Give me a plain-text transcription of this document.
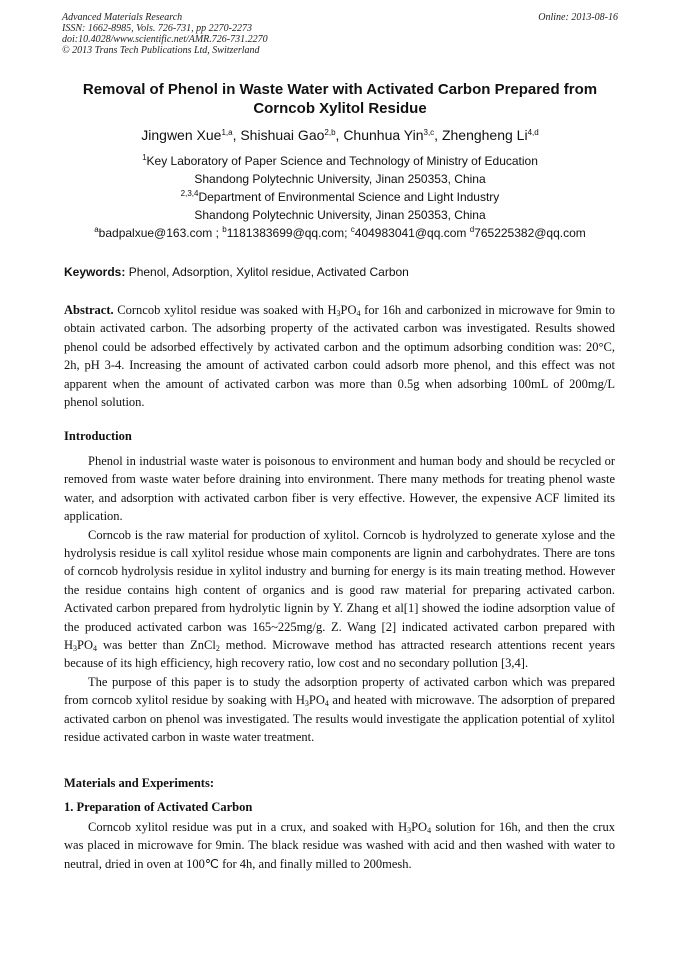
Advanced Materials Research
ISSN: 1662-8985, Vols. 726-731, pp 2270-2273
doi:10.4028/www.scientific.net/AMR.726-731.2270
© 2013 Trans Tech Publications Ltd, Switzerland
Online: 2013-08-16
Removal of Phenol in Waste Water with Activated Carbon Prepared from
Corncob Xylitol Residue
Jingwen Xue$^{1,a}$, Shishuai Gao$^{2,b}$, Chunhua Yin$^{3,c}$, Zhengheng Li$^{4,d}$
$^1$Key Laboratory of Paper Science and Technology of Ministry of Education
Shandong Polytechnic University, Jinan 250353, China
$^{2,3,4}$Department of Environmental Science and Light Industry
Shandong Polytechnic University, Jinan 250353, China
$^a$badpalxue@163.com ; $^b$1181383699@qq.com; $^c$404983041@qq.com $^d$765225382@qq.com
Keywords: Phenol, Adsorption, Xylitol residue, Activated Carbon
Abstract. Corncob xylitol residue was soaked with $H_3PO_4$ for 16h and carbonized in microwave for 9min to obtain activated carbon. The adsorbing property of the activated carbon was investigated. Results showed phenol could be adsorbed effectively by activated carbon and the optimum adsorbing condition was: 20°C, 2h, pH 3-4. Increasing the amount of activated carbon could adsorb more phenol, and this effect was not apparent when the amount of activated carbon was more than 0.5g when adsorbing 100mL of 200mg/L phenol solution.
Introduction

Phenol in industrial waste water is poisonous to environment and human body and should be recycled or removed from waste water before draining into environment. There many methods for treating phenol waste water, and adsorption with activated carbon fiber is very effective. However, the expensive ACF limited its application.

Corncob is the raw material for production of xylitol. Corncob is hydrolyzed to generate xylose and the hydrolysis residue is call xylitol residue whose main components are lignin and carbohydrates. There are tons of corncob hydrolysis residue in xylitol industry and burning for energy is its main treating method. However the residue contains high content of organics and is good raw material for preparing activated carbon. Activated carbon prepared from hydrolytic lignin by Y. Zhang et al[1] showed the iodine adsorption value of the produced activated carbon was 165~225mg/g. Z. Wang [2] indicated activated carbon prepared with $H_3PO_4$ was better than ZnCl$_2$ method. Microwave method has attracted research attentions recent years because of its high efficiency, high recovery ratio, low cost and no secondary pollution [3,4].

The purpose of this paper is to study the adsorption property of activated carbon which was prepared from corncob xylitol residue by soaking with $H_3PO_4$ and heated with microwave. The adsorption of prepared activated carbon on phenol was investigated. The results would investigate the application potential of xylitol residue activated carbon in waste water treatment.

Materials and Experiments:
1. Preparation of Activated Carbon

Corncob xylitol residue was put in a crux, and soaked with $H_3PO_4$ solution for 16h, and then the crux was placed in microwave for 9min. The black residue was washed with acid and then washed with water to neutral, dried in oven at 100℃ for 4h, and finally milled to 200mesh.
